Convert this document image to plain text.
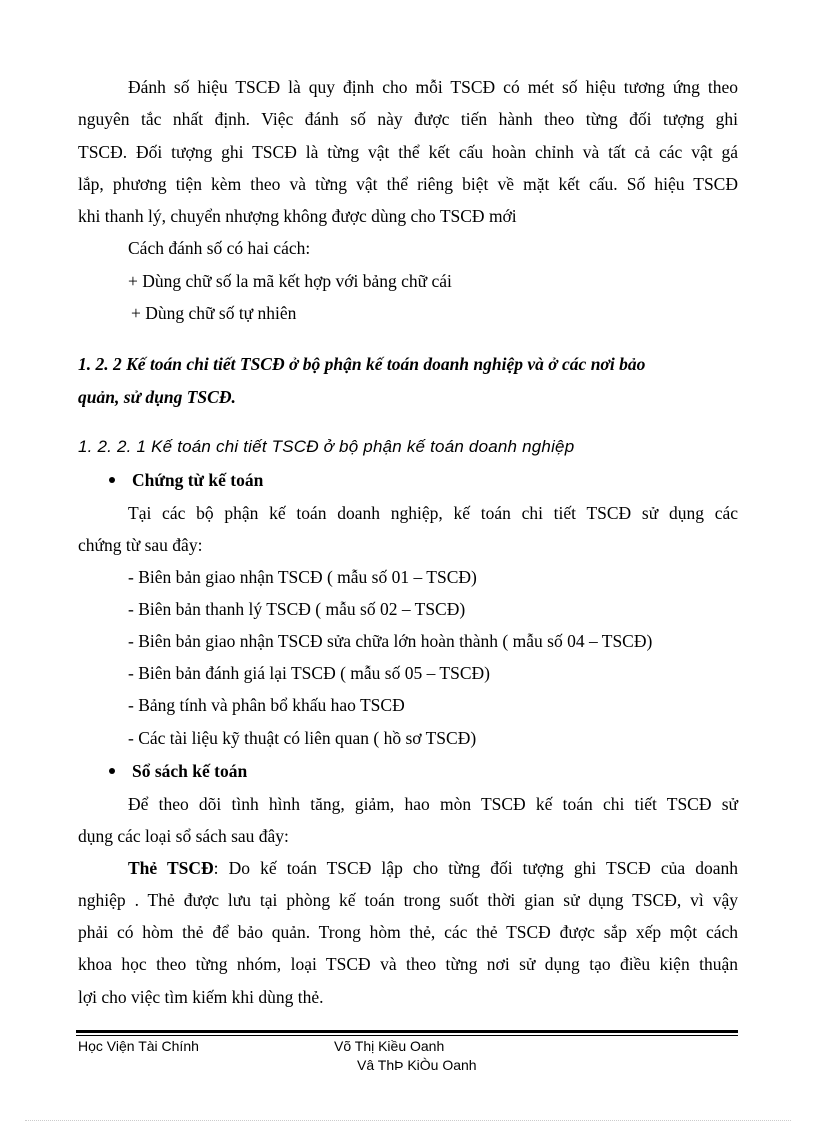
Đánh số hiệu TSCĐ là quy định cho mỗi TSCĐ có mét số hiệu tương ứng theo
nguyên tắc nhất định. Việc đánh số này được tiến hành theo từng đối tượng ghi
TSCĐ. Đối tượng ghi TSCĐ là từng vật thể kết cấu hoàn chỉnh và tất cả các vật gá
lắp, phương tiện kèm theo và từng vật thể riêng biệt về mặt kết cấu. Số hiệu TSCĐ
khi thanh lý, chuyển nhượng không được dùng cho TSCĐ mới
Cách đánh số có hai cách:
+ Dùng chữ số la mã kết hợp với bảng chữ cái
+ Dùng chữ số tự nhiên
1. 2. 2 Kế toán chi tiết TSCĐ ở bộ phận kế toán doanh nghiệp và ở các nơi bảo
quản, sử dụng TSCĐ.
1. 2. 2. 1 Kế toán chi tiết TSCĐ ở bộ phận kế toán doanh nghiệp
Chứng từ kế toán
Tại các bộ phận kế toán doanh nghiệp, kế toán chi tiết TSCĐ sử dụng các
chứng từ sau đây:
- Biên bản giao nhận TSCĐ ( mẫu số 01 – TSCĐ)
- Biên bản thanh lý TSCĐ ( mẫu số 02 – TSCĐ)
- Biên bản giao nhận TSCĐ sửa chữa lớn hoàn thành ( mẫu số 04 – TSCĐ)
- Biên bản đánh giá lại TSCĐ ( mẫu số 05 – TSCĐ)
- Bảng tính và phân bổ khấu hao TSCĐ
- Các tài liệu kỹ thuật có liên quan ( hồ sơ TSCĐ)
Sổ sách kế toán
Để theo dõi tình hình tăng, giảm, hao mòn TSCĐ kế toán chi tiết TSCĐ sử
dụng các loại sổ sách sau đây:
Thẻ TSCĐ: Do kế toán TSCĐ lập cho từng đối tượng ghi TSCĐ của doanh
nghiệp . Thẻ được lưu tại phòng kế toán trong suốt thời gian sử dụng TSCĐ, vì vậy
phải có hòm thẻ để bảo quản. Trong hòm thẻ, các thẻ TSCĐ được sắp xếp một cách
khoa học theo từng nhóm, loại TSCĐ và theo từng nơi sử dụng tạo điều kiện thuận
lợi cho việc tìm kiếm khi dùng thẻ.
Học Viện Tài Chính	Võ Thị Kiều Oanh
Vâ ThÞ KiÒu Oanh
